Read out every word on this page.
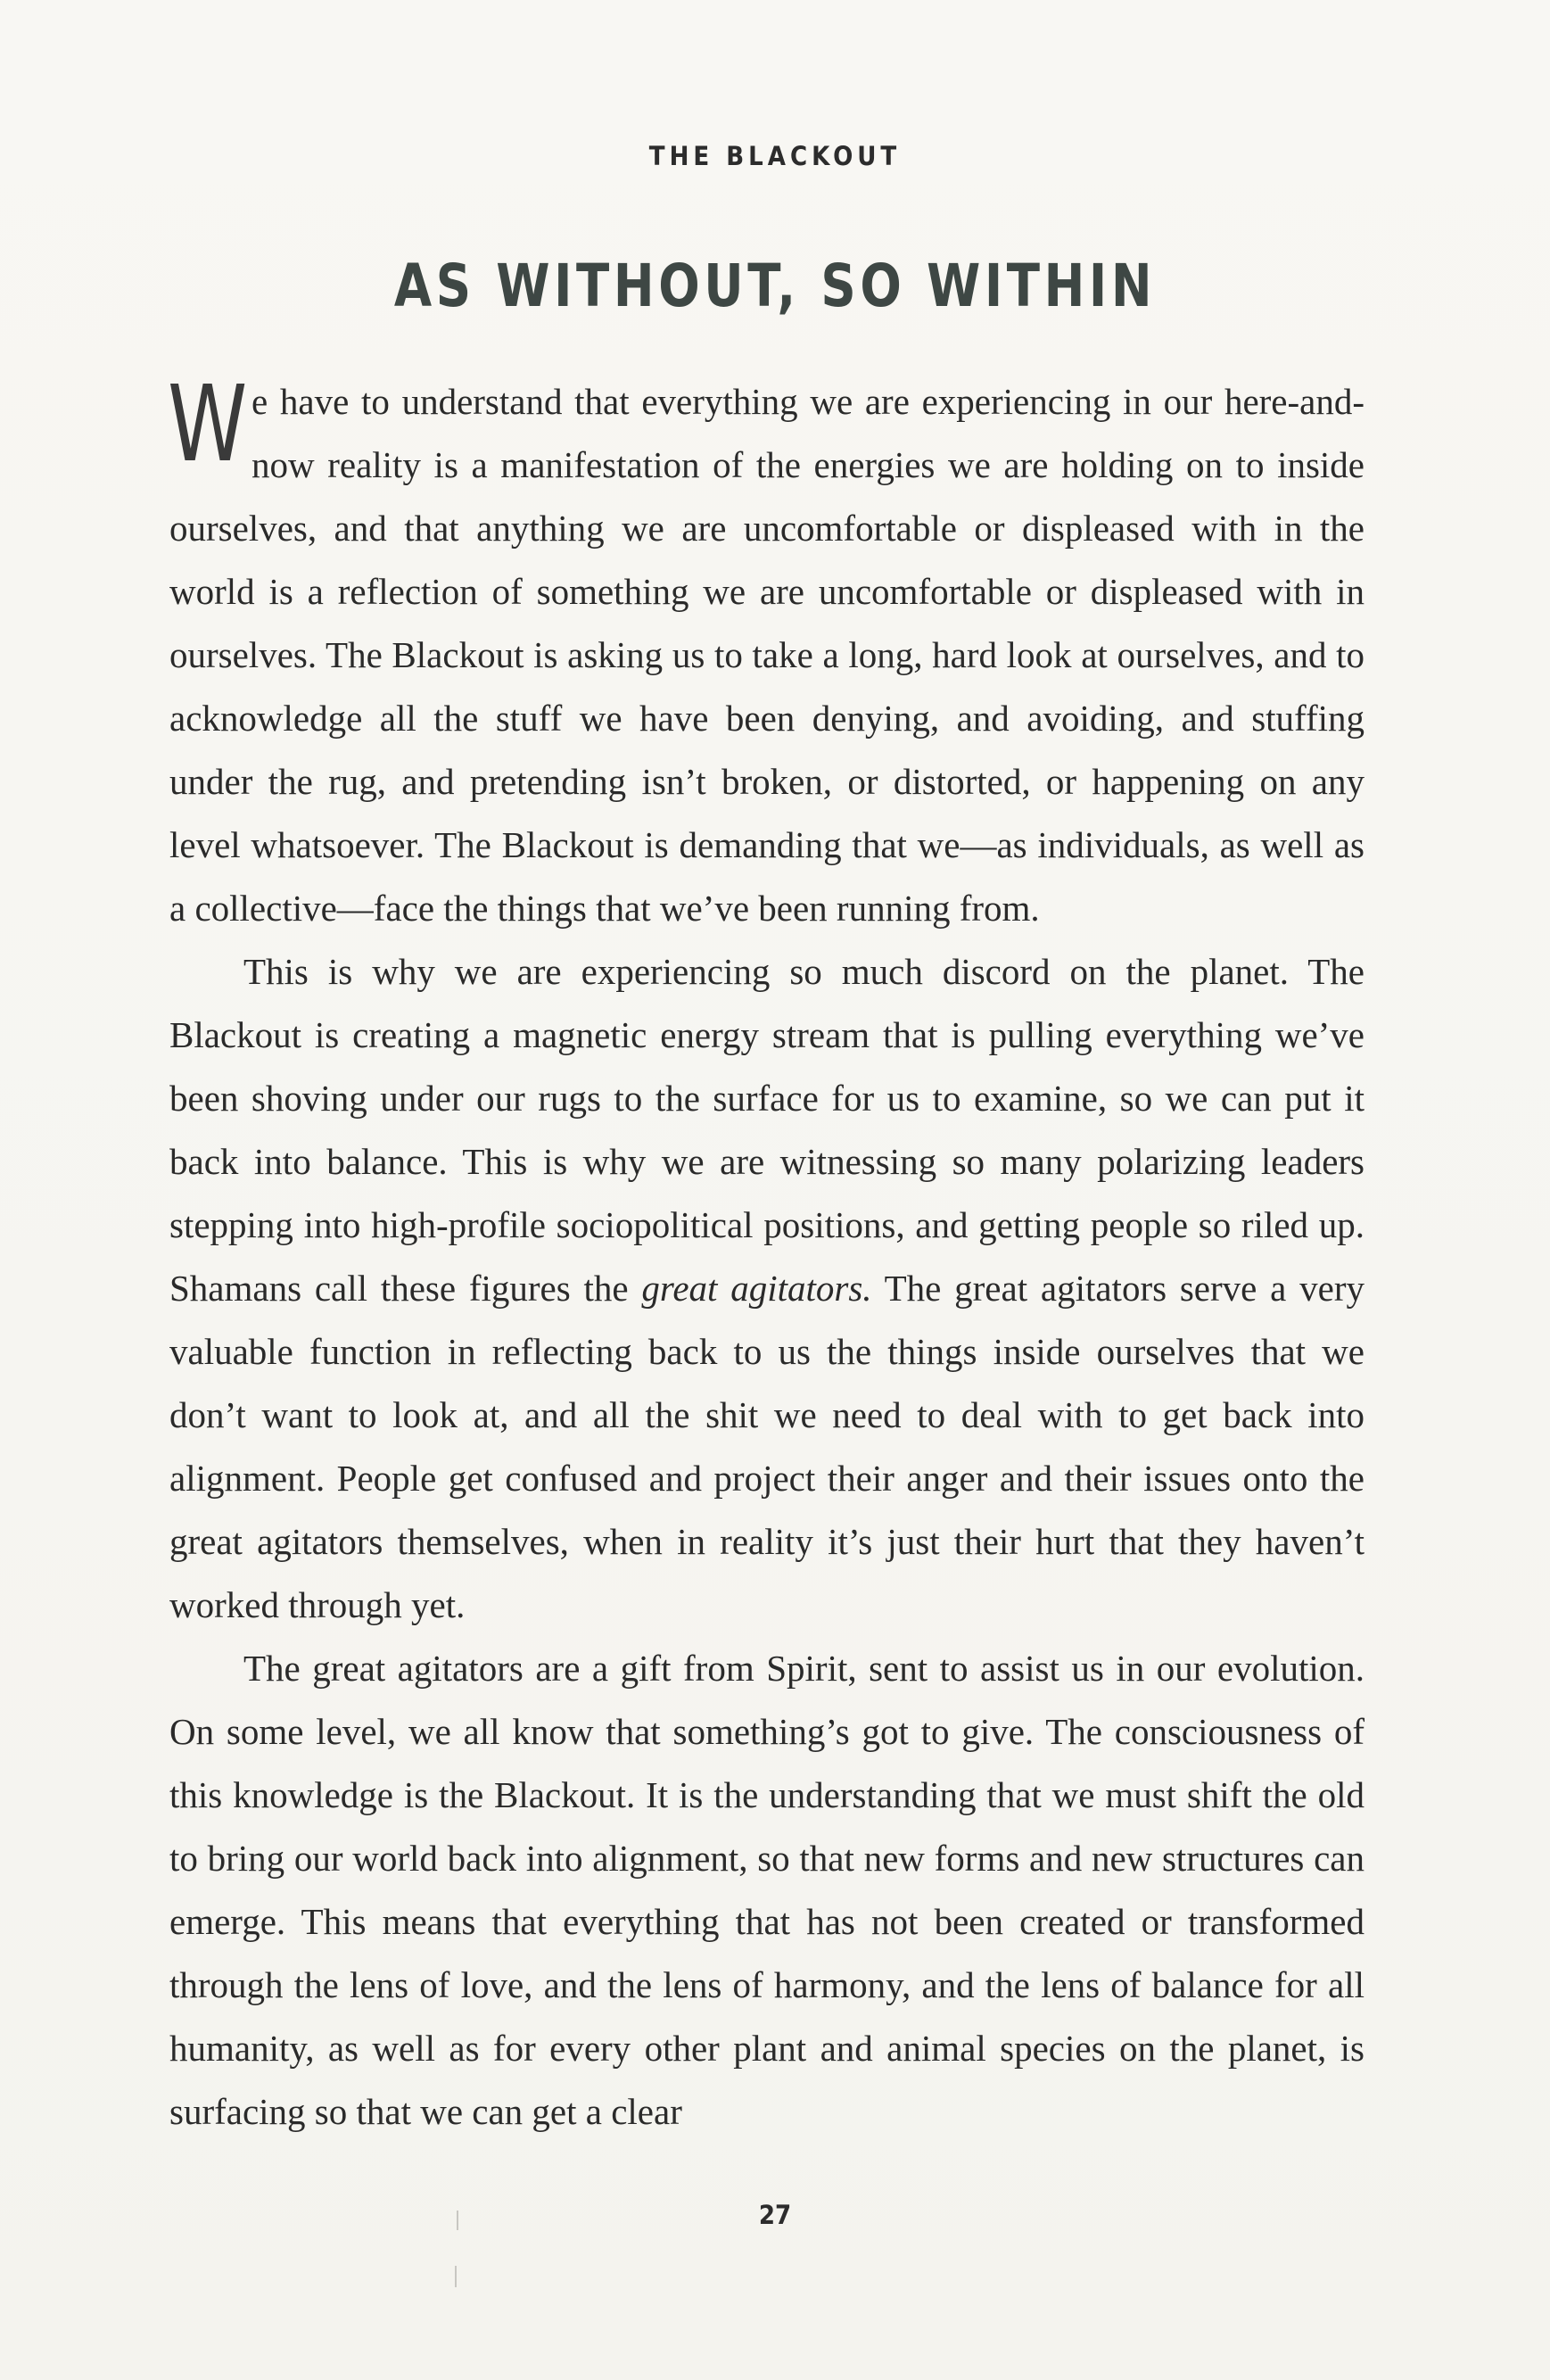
THE BLACKOUT
AS WITHOUT, SO WITHIN

We have to understand that everything we are experiencing in our here-and-now reality is a manifestation of the energies we are holding on to inside ourselves, and that anything we are uncomfortable or displeased with in the world is a reflection of something we are uncomfortable or displeased with in ourselves. The Blackout is asking us to take a long, hard look at ourselves, and to acknowledge all the stuff we have been denying, and avoiding, and stuffing under the rug, and pretending isn’t broken, or distorted, or happening on any level whatsoever. The Blackout is demanding that we—as individuals, as well as a collective—face the things that we’ve been running from.

This is why we are experiencing so much discord on the planet. The Blackout is creating a magnetic energy stream that is pulling everything we’ve been shoving under our rugs to the surface for us to examine, so we can put it back into balance. This is why we are witnessing so many polarizing leaders stepping into high-profile sociopolitical positions, and getting people so riled up. Shamans call these figures the great agitators. The great agitators serve a very valuable function in reflecting back to us the things inside ourselves that we don’t want to look at, and all the shit we need to deal with to get back into alignment. People get confused and project their anger and their issues onto the great agitators themselves, when in reality it’s just their hurt that they haven’t worked through yet.

The great agitators are a gift from Spirit, sent to assist us in our evolution. On some level, we all know that something’s got to give. The consciousness of this knowledge is the Blackout. It is the understanding that we must shift the old to bring our world back into alignment, so that new forms and new structures can emerge. This means that everything that has not been created or transformed through the lens of love, and the lens of harmony, and the lens of balance for all humanity, as well as for every other plant and animal species on the planet, is surfacing so that we can get a clear

27
